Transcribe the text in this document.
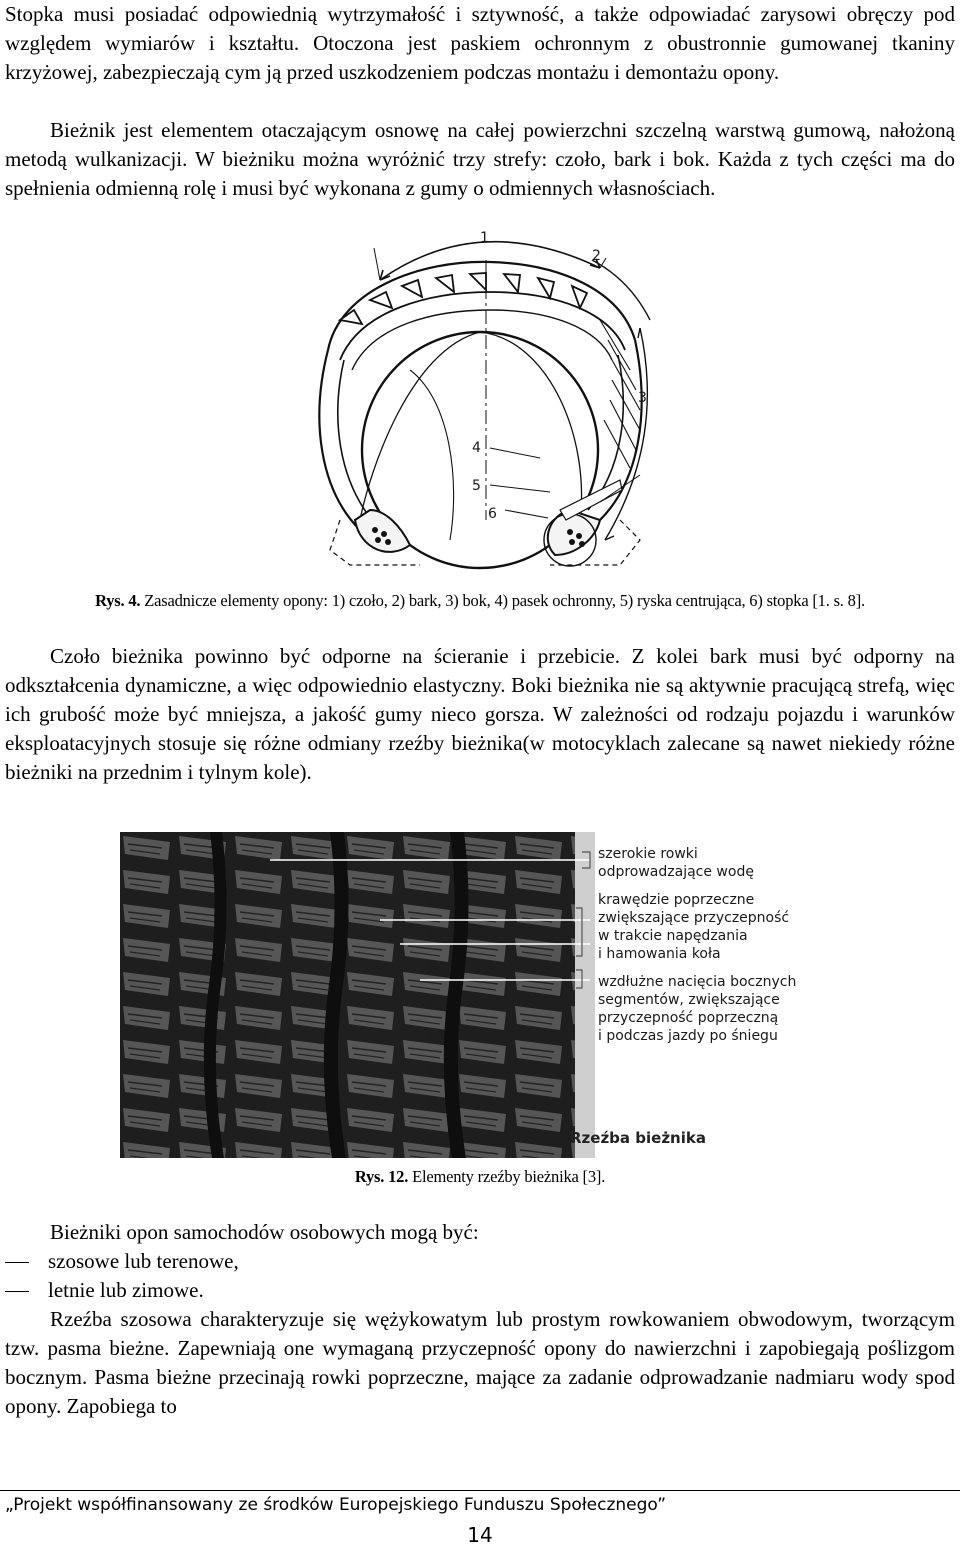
Stopka musi posiadać odpowiednią wytrzymałość i sztywność, a także odpowiadać zarysowi obręczy pod względem wymiarów i kształtu. Otoczona jest paskiem ochronnym z obustronnie gumowanej tkaniny krzyżowej, zabezpieczają cym ją przed uszkodzeniem podczas montażu i demontażu opony.

Bieżnik jest elementem otaczającym osnowę na całej powierzchni szczelną warstwą gumową, nałożoną metodą wulkanizacji. W bieżniku można wyróżnić trzy strefy: czoło, bark i bok. Każda z tych części ma do spełnienia odmienną rolę i musi być wykonana z gumy o odmiennych własnościach.

1
2
3
4
5
6
Rys. 4. Zasadnicze elementy opony: 1) czoło, 2) bark, 3) bok, 4) pasek ochronny, 5) ryska centrująca, 6) stopka [1. s. 8].

Czoło bieżnika powinno być odporne na ścieranie i przebicie. Z kolei bark musi być odporny na odkształcenia dynamiczne, a więc odpowiednio elastyczny. Boki bieżnika nie są aktywnie pracującą strefą, więc ich grubość może być mniejsza, a jakość gumy nieco gorsza. W zależności od rodzaju pojazdu i warunków eksploatacyjnych stosuje się różne odmiany rzeźby bieżnika(w motocyklach zalecane są nawet niekiedy różne bieżniki na przednim i tylnym kole).

szerokie rowki
odprowadzające wodę
krawędzie poprzeczne
zwiększające przyczepność
w trakcie napędzania
i hamowania koła
wzdłużne nacięcia bocznych
segmentów, zwiększające
przyczepność poprzeczną
i podczas jazdy po śniegu
Rzeźba bieżnika
Rys. 12. Elementy rzeźby bieżnika [3].

Bieżniki opon samochodów osobowych mogą być:

szosowe lub terenowe,
letnie lub zimowe.

Rzeźba szosowa charakteryzuje się wężykowatym lub prostym rowkowaniem obwodowym, tworzącym tzw. pasma bieżne. Zapewniają one wymaganą przyczepność opony do nawierzchni i zapobiegają poślizgom bocznym. Pasma bieżne przecinają rowki poprzeczne, mające za zadanie odprowadzanie nadmiaru wody spod opony. Zapobiega to

„Projekt współfinansowany ze środków Europejskiego Funduszu Społecznego”
14
